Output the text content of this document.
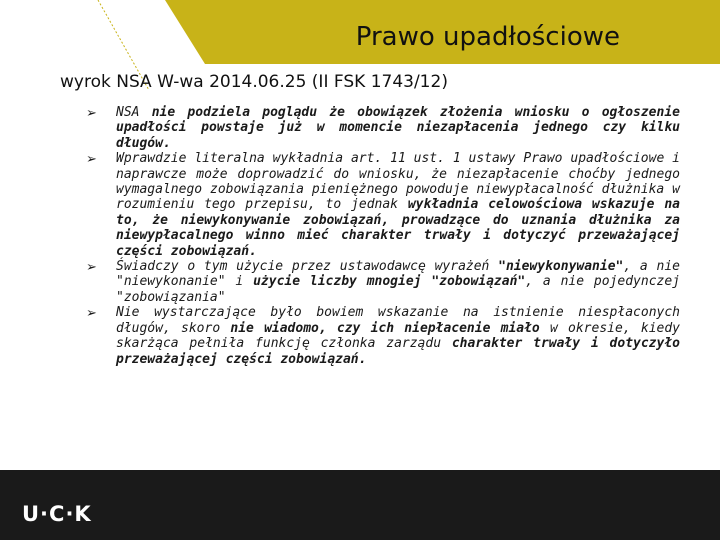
Prawo upadłościowe
wyrok NSA W-wa 2014.06.25 (II FSK 1743/12)
➢ NSA nie podziela poglądu że obowiązek złożenia wniosku o ogłoszenie upadłości powstaje już w momencie niezapłacenia jednego czy kilku długów.
➢ Wprawdzie literalna wykładnia art. 11 ust. 1 ustawy Prawo upadłościowe i naprawcze może doprowadzić do wniosku, że niezapłacenie choćby jednego wymagalnego zobowiązania pieniężnego powoduje niewypłacalność dłużnika w rozumieniu tego przepisu, to jednak wykładnia celowościowa wskazuje na to, że niewykonywanie zobowiązań, prowadzące do uznania dłużnika za niewypłacalnego winno mieć charakter trwały i dotyczyć przeważającej części zobowiązań.
➢ Świadczy o tym użycie przez ustawodawcę wyrażeń "niewykonywanie", a nie "niewykonanie" i użycie liczby mnogiej "zobowiązań", a nie pojedynczej "zobowiązania"
➢ Nie wystarczające było bowiem wskazanie na istnienie niespłaconych długów, skoro nie wiadomo, czy ich niepłacenie miało w okresie, kiedy skarżąca pełniła funkcję członka zarządu charakter trwały i dotyczyło przeważającej części zobowiązań.
U·C·K
